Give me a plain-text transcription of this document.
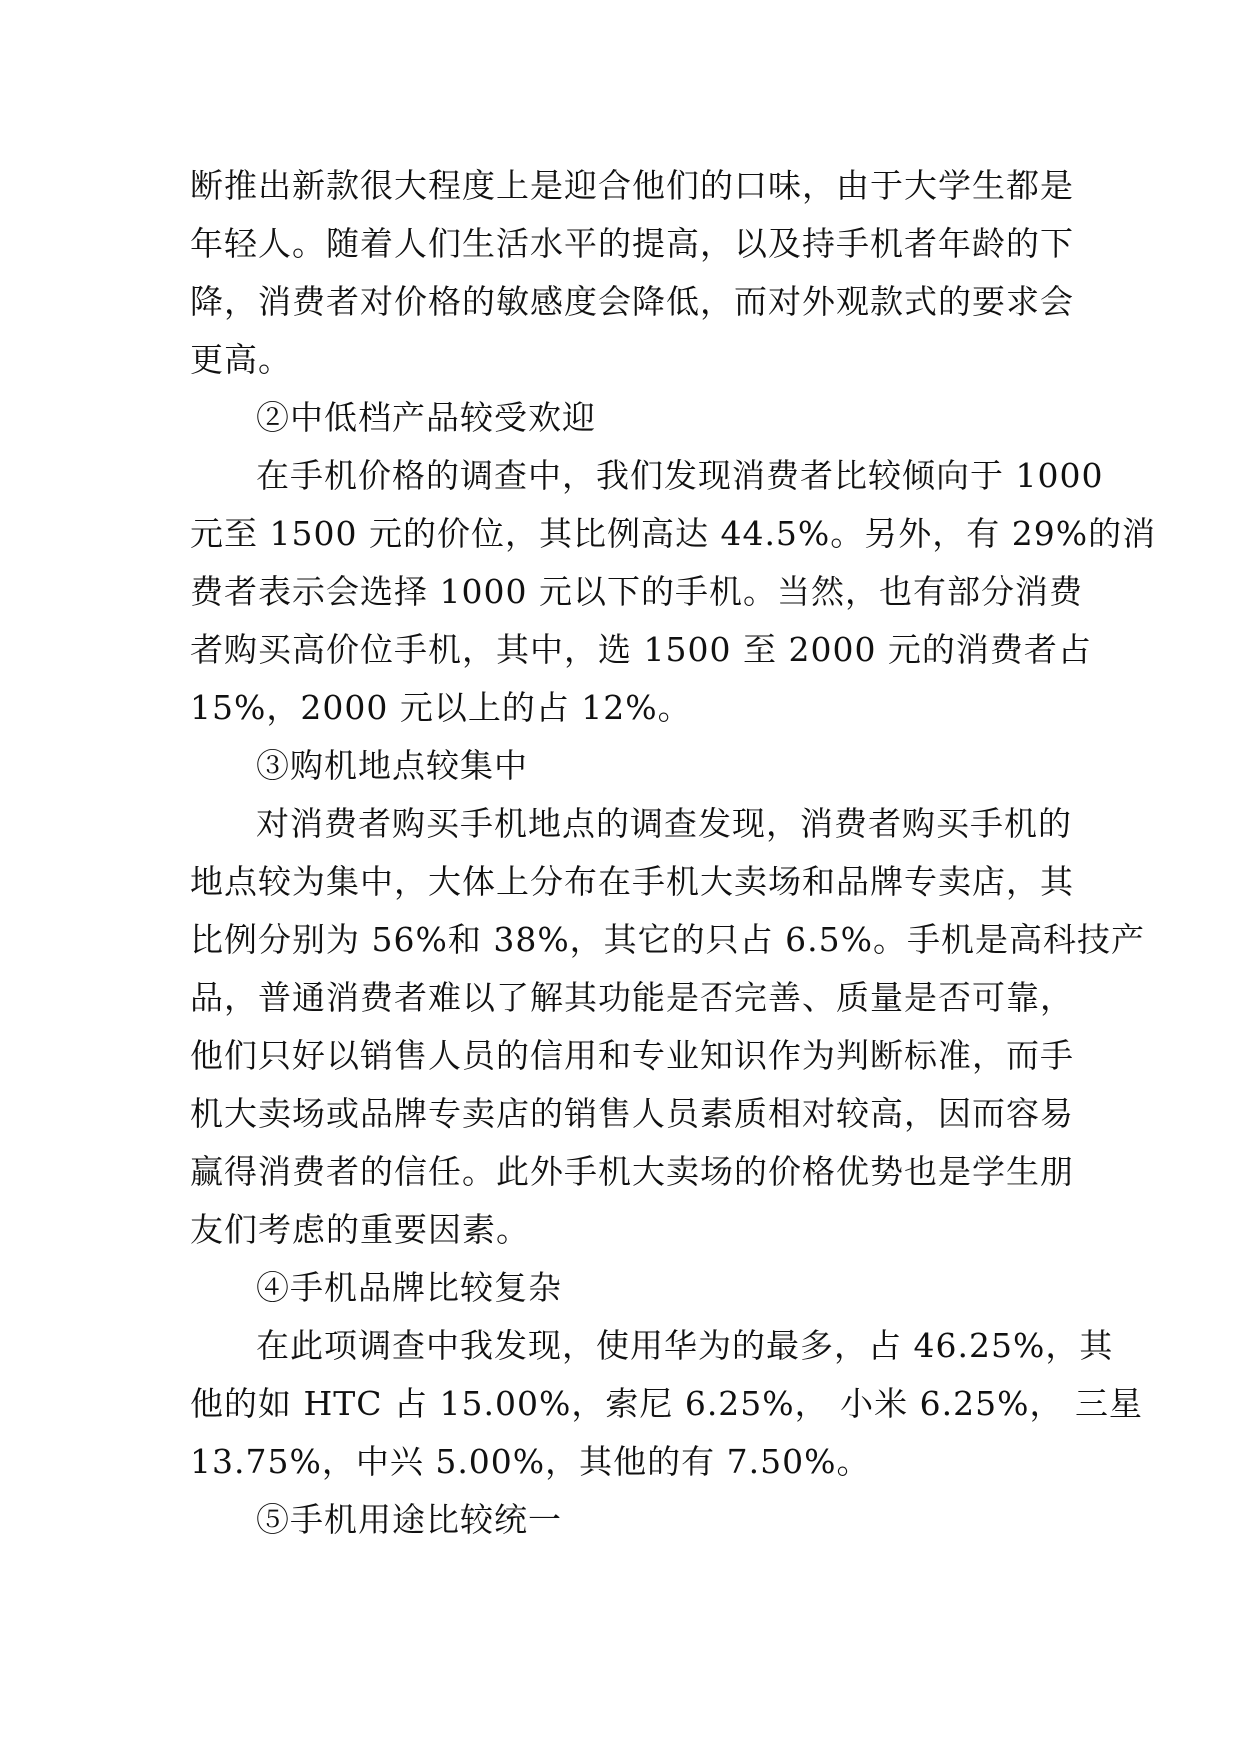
断推出新款很大程度上是迎合他们的口味，由于大学生都是
年轻人。随着人们生活水平的提高，以及持手机者年龄的下
降，消费者对价格的敏感度会降低，而对外观款式的要求会
更高。
②中低档产品较受欢迎
在手机价格的调查中，我们发现消费者比较倾向于 1000
元至 1500 元的价位，其比例高达 44.5%。另外，有 29%的消
费者表示会选择 1000 元以下的手机。当然，也有部分消费
者购买高价位手机，其中，选 1500 至 2000 元的消费者占
15%，2000 元以上的占 12%。
③购机地点较集中
对消费者购买手机地点的调查发现，消费者购买手机的
地点较为集中，大体上分布在手机大卖场和品牌专卖店，其
比例分别为 56%和 38%，其它的只占 6.5%。手机是高科技产
品，普通消费者难以了解其功能是否完善、质量是否可靠，
他们只好以销售人员的信用和专业知识作为判断标准，而手
机大卖场或品牌专卖店的销售人员素质相对较高，因而容易
赢得消费者的信任。此外手机大卖场的价格优势也是学生朋
友们考虑的重要因素。
④手机品牌比较复杂
在此项调查中我发现，使用华为的最多，占 46.25%，其
他的如 HTC 占 15.00%，索尼 6.25%， 小米 6.25%， 三星
13.75%，中兴 5.00%，其他的有 7.50%。
⑤手机用途比较统一
